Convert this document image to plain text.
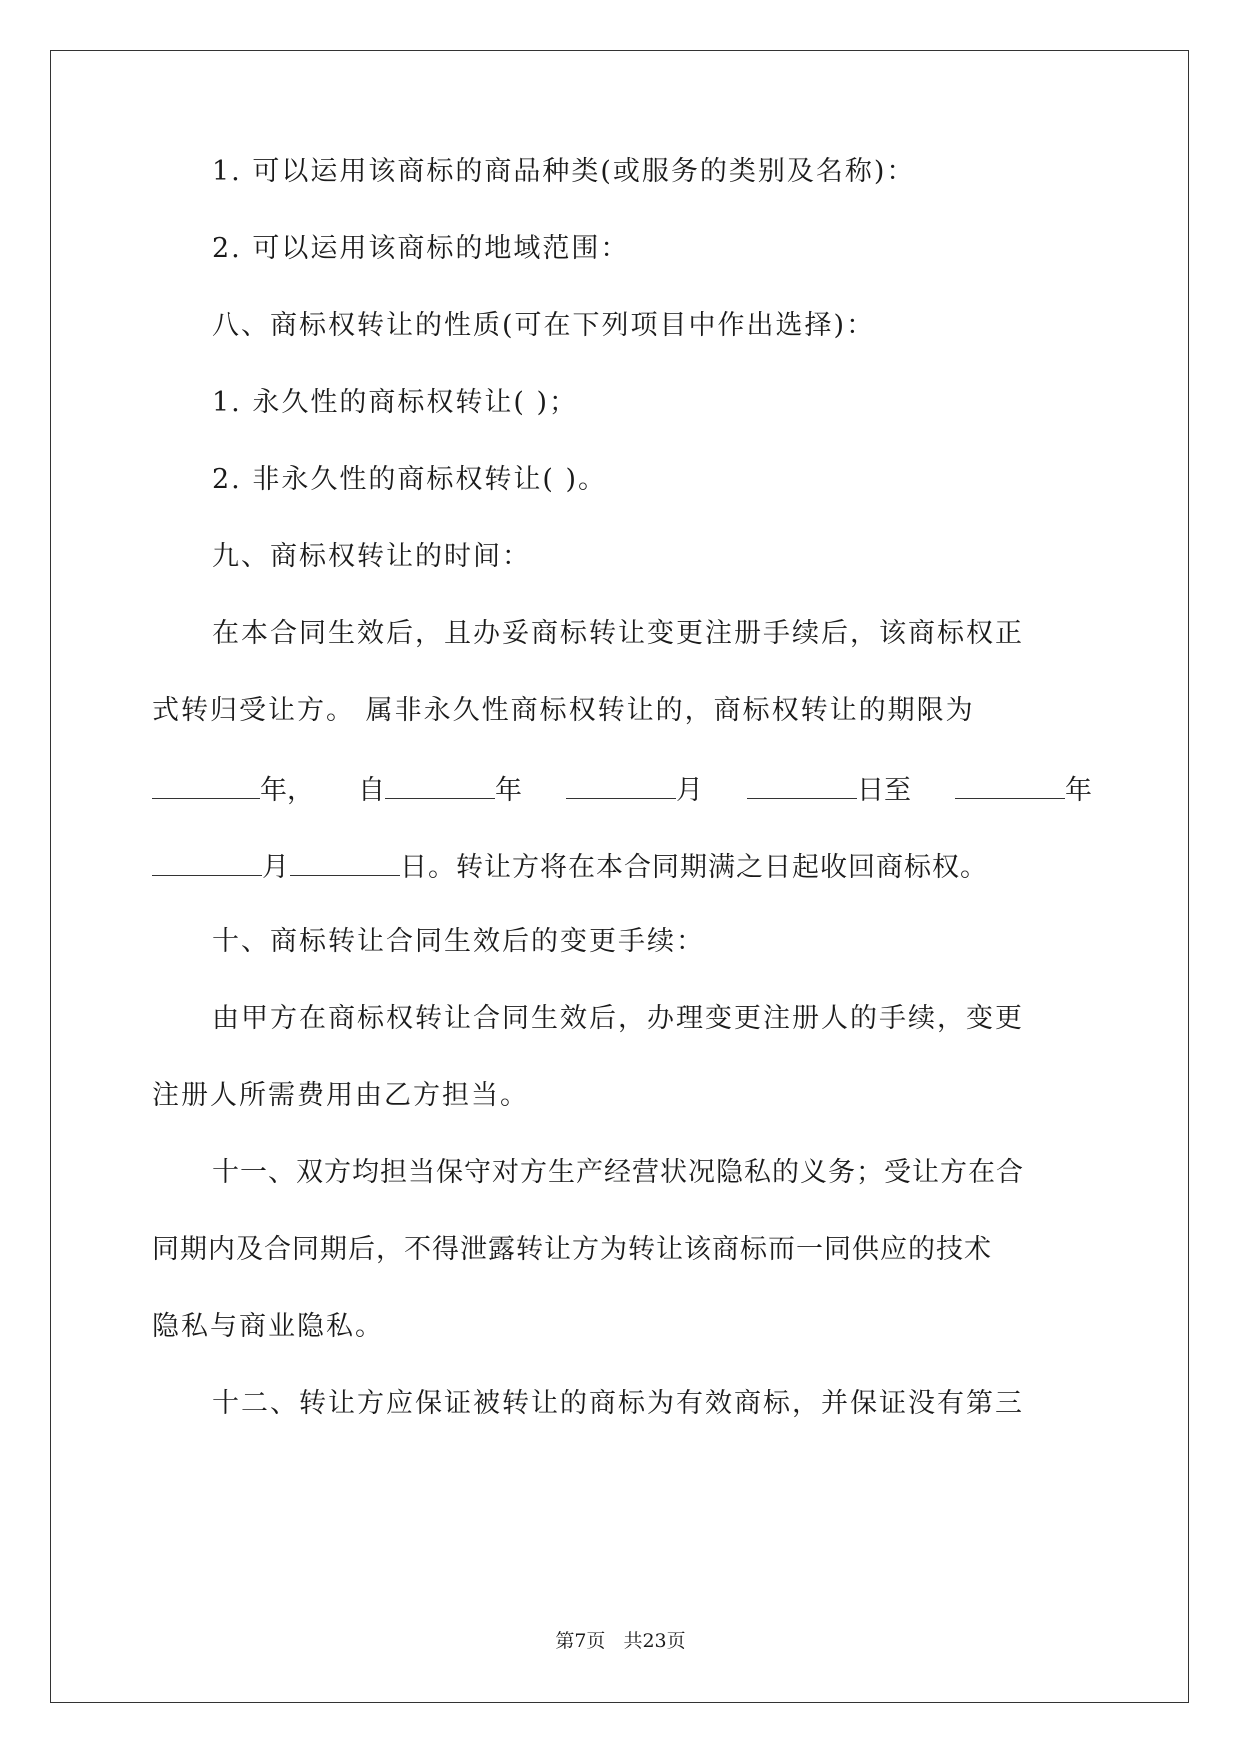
1. 可以运用该商标的商品种类(或服务的类别及名称)：
2. 可以运用该商标的地域范围：
八、商标权转让的性质(可在下列项目中作出选择)：
1. 永久性的商标权转让( )；
2. 非永久性的商标权转让( )。
九、商标权转让的时间：
在本合同生效后，且办妥商标转让变更注册手续后，该商标权正
式转归受让方。 属非永久性商标权转让的，商标权转让的期限为
年， 自	年	月	日至	年
月	日。转让方将在本合同期满之日起收回商标权。
十、商标转让合同生效后的变更手续：
由甲方在商标权转让合同生效后，办理变更注册人的手续，变更
注册人所需费用由乙方担当。
十一、双方均担当保守对方生产经营状况隐私的义务；受让方在合
同期内及合同期后，不得泄露转让方为转让该商标而一同供应的技术
隐私与商业隐私。
十二、转让方应保证被转让的商标为有效商标，并保证没有第三
第7页 共23页
